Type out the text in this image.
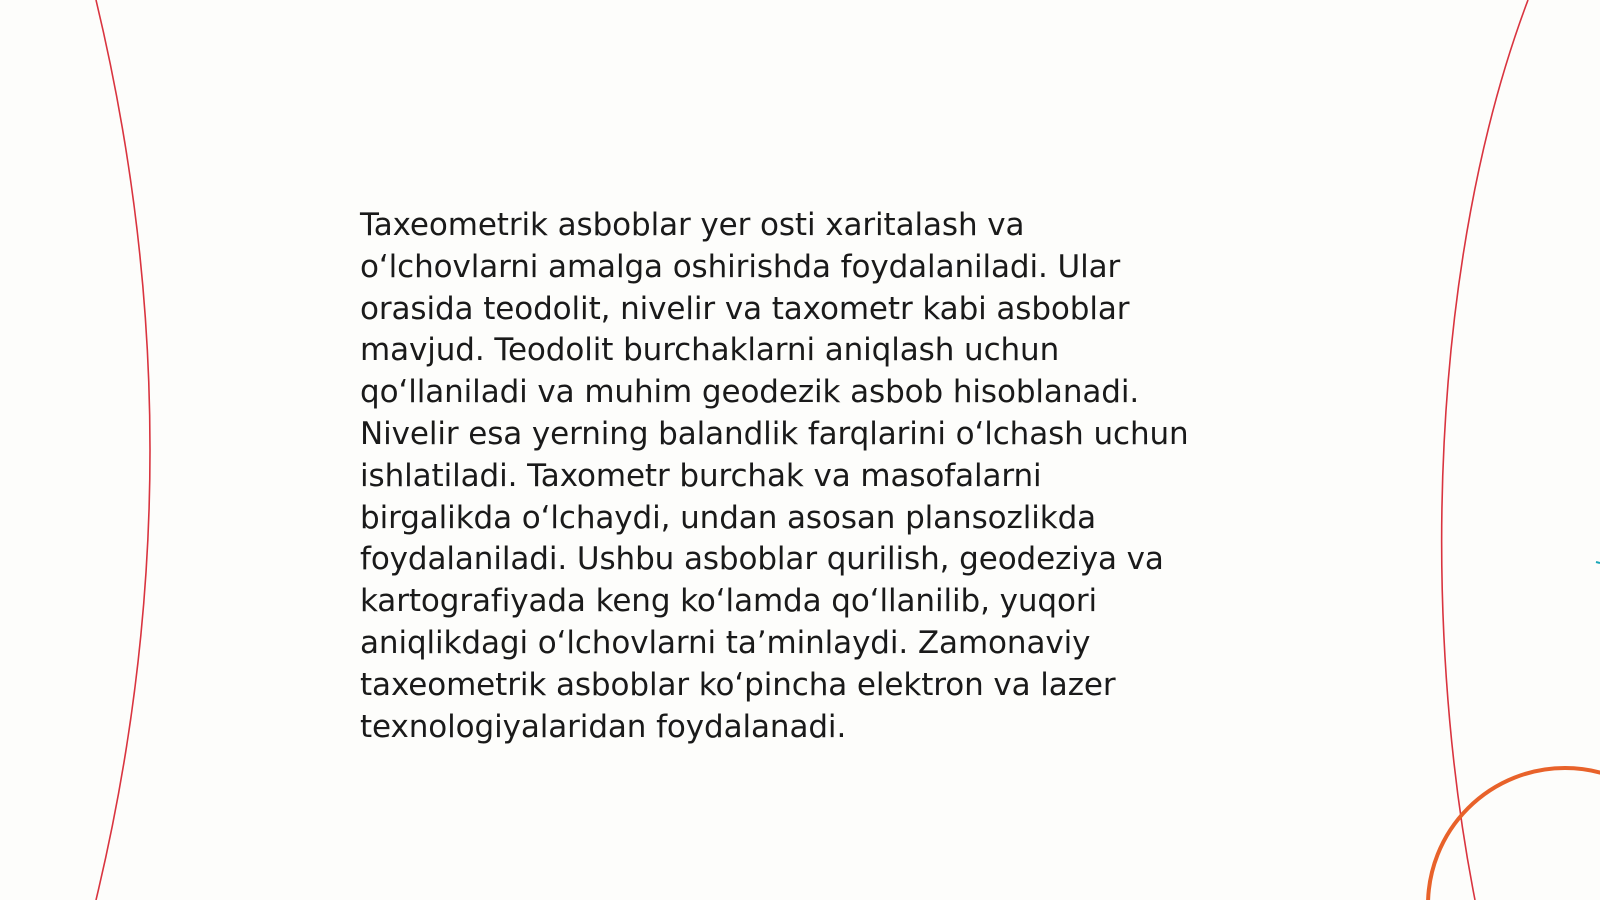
Taxeometrik asboblar yer osti xaritalash va
o‘lchovlarni amalga oshirishda foydalaniladi. Ular
orasida teodolit, nivelir va taxometr kabi asboblar
mavjud. Teodolit burchaklarni aniqlash uchun
qo‘llaniladi va muhim geodezik asbob hisoblanadi.
Nivelir esa yerning balandlik farqlarini o‘lchash uchun
ishlatiladi. Taxometr burchak va masofalarni
birgalikda o‘lchaydi, undan asosan plansozlikda
foydalaniladi. Ushbu asboblar qurilish, geodeziya va
kartografiyada keng ko‘lamda qo‘llanilib, yuqori
aniqlikdagi o‘lchovlarni ta’minlaydi. Zamonaviy
taxeometrik asboblar ko‘pincha elektron va lazer
texnologiyalaridan foydalanadi.
